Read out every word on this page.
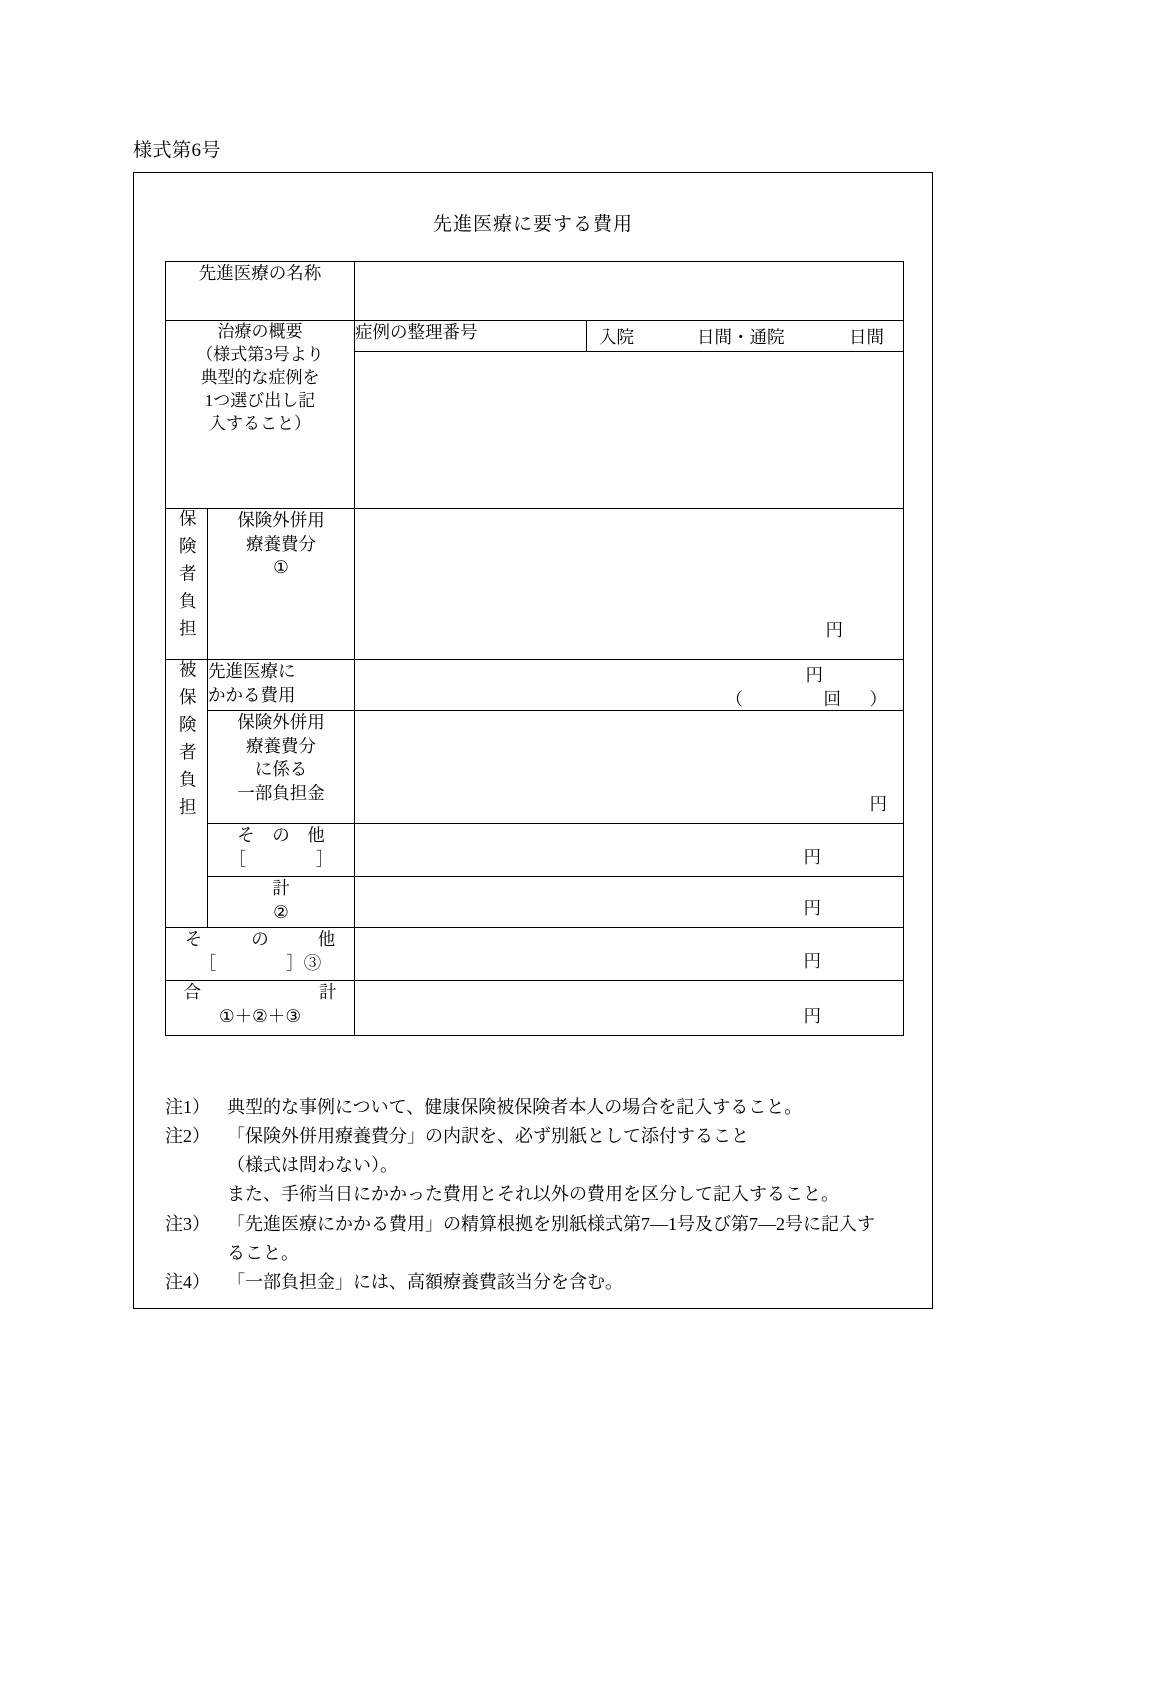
様式第6号
先進医療に要する費用
先進医療の名称			

治療の概要
（様式第3号より
典型的な症例を
1つ選び出し記
入すること）		症例の整理番号	入院 日間・通院 日間

保険者負担	保険外併用
療養費分
①	円	

被保険者負担	先進医療に
かかる費用	円
（ 回 ）	

	保険外併用
療養費分
に係る
一部負担金	円	

	そ　の　他
［　　　　］	円	

	計
②	円	

そ　の　他
［　　　　］③		円	

合　　　　計
①＋②＋③		円	
注1） 典型的な事例について、健康保険被保険者本人の場合を記入すること。
注2） 「保険外併用療養費分」の内訳を、必ず別紙として添付すること
（様式は問わない）。
また、手術当日にかかった費用とそれ以外の費用を区分して記入すること。
注3） 「先進医療にかかる費用」の精算根拠を別紙様式第7―1号及び第7―2号に記入す
ること。
注4） 「一部負担金」には、高額療養費該当分を含む。
